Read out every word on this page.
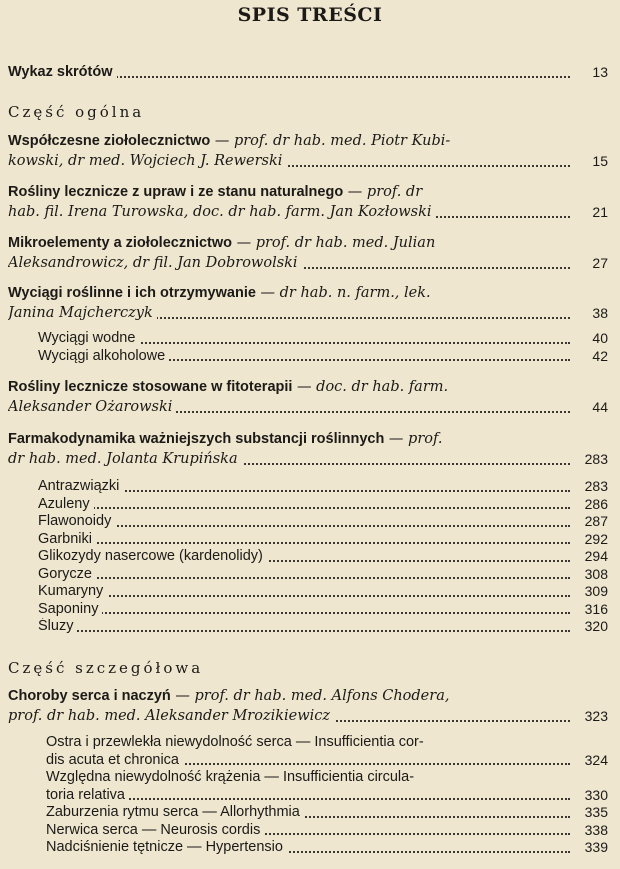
SPIS TREŚCI
Wykaz skrótów	13
Część ogólna
Współczesne ziołolecznictwo — prof. dr hab. med. Piotr Kubi-
kowski, dr med. Wojciech J. Rewerski	15
Rośliny lecznicze z upraw i ze stanu naturalnego — prof. dr
hab. fil. Irena Turowska, doc. dr hab. farm. Jan Kozłowski	21
Mikroelementy a ziołolecznictwo — prof. dr hab. med. Julian
Aleksandrowicz, dr fil. Jan Dobrowolski	27
Wyciągi roślinne i ich otrzymywanie — dr hab. n. farm., lek.
Janina Majcherczyk	38
Wyciągi wodne	40
Wyciągi alkoholowe	42
Rośliny lecznicze stosowane w fitoterapii — doc. dr hab. farm.
Aleksander Ożarowski	44
Farmakodynamika ważniejszych substancji roślinnych — prof.
dr hab. med. Jolanta Krupińska	283
Antrazwiązki	283
Azuleny	286
Flawonoidy	287
Garbniki	292
Glikozydy nasercowe (kardenolidy)	294
Gorycze	308
Kumaryny	309
Saponiny	316
Śluzy	320
Część szczegółowa
Choroby serca i naczyń — prof. dr hab. med. Alfons Chodera,
prof. dr hab. med. Aleksander Mrozikiewicz	323
Ostra i przewlekła niewydolność serca — Insufficientia cor-
dis acuta et chronica	324
Względna niewydolność krążenia — Insufficientia circula-
toria relativa	330
Zaburzenia rytmu serca — Allorhythmia	335
Nerwica serca — Neurosis cordis	338
Nadciśnienie tętnicze — Hypertensio	339
